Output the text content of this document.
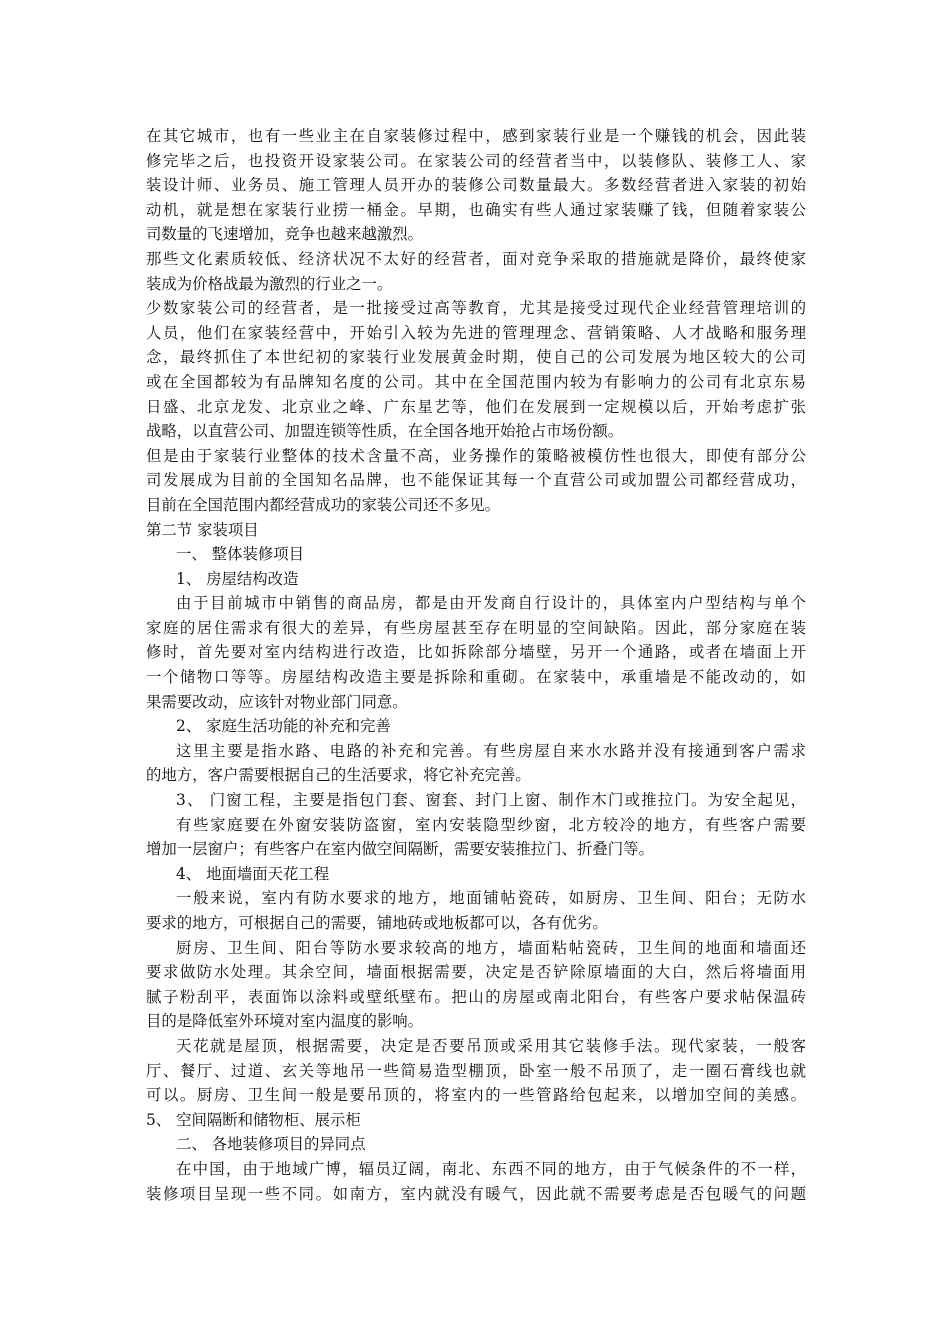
在其它城市，也有一些业主在自家装修过程中，感到家装行业是一个赚钱的机会，因此装
修完毕之后，也投资开设家装公司。在家装公司的经营者当中，以装修队、装修工人、家
装设计师、业务员、施工管理人员开办的装修公司数量最大。多数经营者进入家装的初始
动机，就是想在家装行业捞一桶金。早期，也确实有些人通过家装赚了钱，但随着家装公
司数量的飞速增加，竞争也越来越激烈。
那些文化素质较低、经济状况不太好的经营者，面对竞争采取的措施就是降价，最终使家
装成为价格战最为激烈的行业之一。
少数家装公司的经营者，是一批接受过高等教育，尤其是接受过现代企业经营管理培训的
人员，他们在家装经营中，开始引入较为先进的管理理念、营销策略、人才战略和服务理
念，最终抓住了本世纪初的家装行业发展黄金时期，使自己的公司发展为地区较大的公司
或在全国都较为有品牌知名度的公司。其中在全国范围内较为有影响力的公司有北京东易
日盛、北京龙发、北京业之峰、广东星艺等，他们在发展到一定规模以后，开始考虑扩张
战略，以直营公司、加盟连锁等性质，在全国各地开始抢占市场份额。
但是由于家装行业整体的技术含量不高，业务操作的策略被模仿性也很大，即使有部分公
司发展成为目前的全国知名品牌，也不能保证其每一个直营公司或加盟公司都经营成功，
目前在全国范围内都经营成功的家装公司还不多见。
第二节 家装项目
一、 整体装修项目
1、 房屋结构改造
由于目前城市中销售的商品房，都是由开发商自行设计的，具体室内户型结构与单个
家庭的居住需求有很大的差异，有些房屋甚至存在明显的空间缺陷。因此，部分家庭在装
修时，首先要对室内结构进行改造，比如拆除部分墙壁，另开一个通路，或者在墙面上开
一个储物口等等。房屋结构改造主要是拆除和重砌。在家装中，承重墙是不能改动的，如
果需要改动，应该针对物业部门同意。
2、 家庭生活功能的补充和完善
这里主要是指水路、电路的补充和完善。有些房屋自来水水路并没有接通到客户需求
的地方，客户需要根据自己的生活要求，将它补充完善。
3、 门窗工程，主要是指包门套、窗套、封门上窗、制作木门或推拉门。为安全起见，
有些家庭要在外窗安装防盗窗，室内安装隐型纱窗，北方较冷的地方，有些客户需要
增加一层窗户；有些客户在室内做空间隔断，需要安装推拉门、折叠门等。
4、 地面墙面天花工程
一般来说，室内有防水要求的地方，地面铺帖瓷砖，如厨房、卫生间、阳台；无防水
要求的地方，可根据自己的需要，铺地砖或地板都可以，各有优劣。
厨房、卫生间、阳台等防水要求较高的地方，墙面粘帖瓷砖，卫生间的地面和墙面还
要求做防水处理。其余空间，墙面根据需要，决定是否铲除原墙面的大白，然后将墙面用
腻子粉刮平，表面饰以涂料或壁纸壁布。把山的房屋或南北阳台，有些客户要求帖保温砖
目的是降低室外环境对室内温度的影响。
天花就是屋顶，根据需要，决定是否要吊顶或采用其它装修手法。现代家装，一般客
厅、餐厅、过道、玄关等地吊一些简易造型棚顶，卧室一般不吊顶了，走一圈石膏线也就
可以。厨房、卫生间一般是要吊顶的，将室内的一些管路给包起来，以增加空间的美感。
5、 空间隔断和储物柜、展示柜
二、 各地装修项目的异同点
在中国，由于地域广博，辐员辽阔，南北、东西不同的地方，由于气候条件的不一样，
装修项目呈现一些不同。如南方，室内就没有暖气，因此就不需要考虑是否包暖气的问题
